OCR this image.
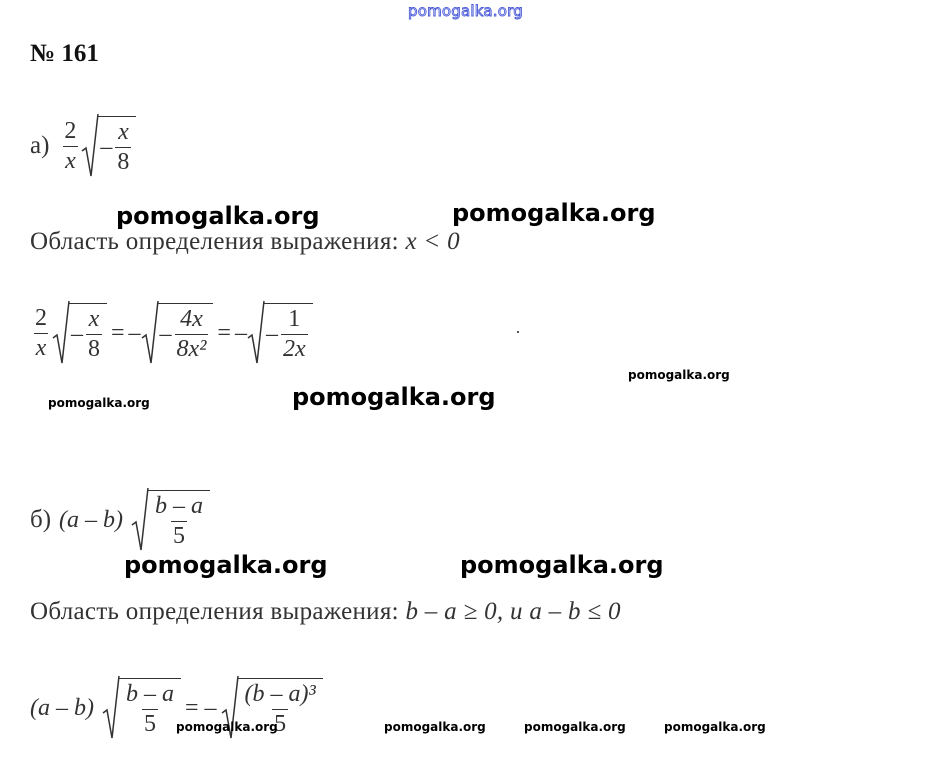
pomogalka.org
№ 161
$а) \frac{2}{x} - \frac{x}{8}$
pomogalka.org	pomogalka.org
Область определения выражения: x < 0
$\frac{2}{x} - \frac{x}{8}$ = – – $\frac{4x}{\text{8x²}}$ = – – $\frac{1}{2x}$
pomogalka.org
pomogalka.org	pomogalka.org
б) $(a - b) \frac{b - a}{5}$
pomogalka.org	pomogalka.org
Область определения выражения: b – a ≥ 0, и a – b ≤ 0
$(a - b) \frac{b - a}{5}$ = – $\frac{\text{(b – a)³}}{5}$
pomogalka.org	pomogalka.org	pomogalka.org	pomogalka.org
